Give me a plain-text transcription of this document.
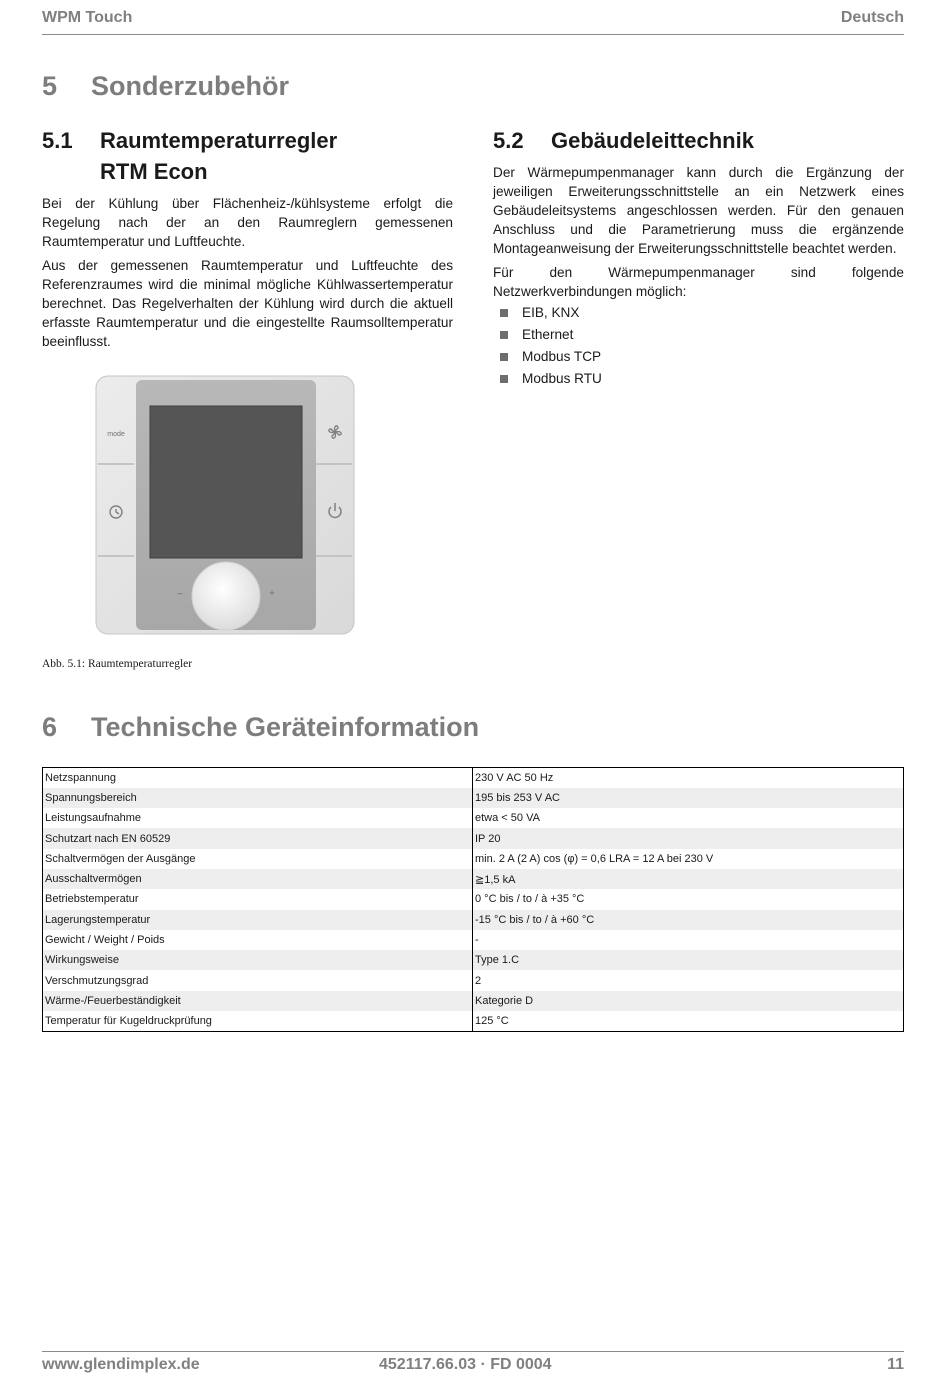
WPM Touch	Deutsch
5 Sonderzubehör
5.1 Raumtemperaturregler
RTM Econ
Bei der Kühlung über Flächenheiz-/kühlsysteme erfolgt die Regelung nach der an den Raumreglern gemessenen Raumtemperatur und Luftfeuchte.
Aus der gemessenen Raumtemperatur und Luftfeuchte des Referenzraumes wird die minimal mögliche Kühlwassertemperatur berechnet. Das Regelverhalten der Kühlung wird durch die aktuell erfasste Raumtemperatur und die eingestellte Raumsolltemperatur beeinflusst.
mode
–	+
Abb. 5.1: Raumtemperaturregler
5.2 Gebäudeleittechnik
Der Wärmepumpenmanager kann durch die Ergänzung der jeweiligen Erweiterungsschnittstelle an ein Netzwerk eines Gebäudeleitsystems angeschlossen werden. Für den genauen Anschluss und die Parametrierung muss die ergänzende Montageanweisung der Erweiterungsschnittstelle beachtet werden.
Für den Wärmepumpenmanager sind folgende Netzwerkverbindungen möglich:
EIB, KNX
Ethernet
Modbus TCP
Modbus RTU
6 Technische Geräteinformation
Netzspannung	230 V AC 50 Hz
Spannungsbereich	195 bis 253 V AC
Leistungsaufnahme	etwa < 50 VA
Schutzart nach EN 60529	IP 20
Schaltvermögen der Ausgänge	min. 2 A (2 A) cos (φ) = 0,6 LRA = 12 A bei 230 V
Ausschaltvermögen	≧1,5 kA
Betriebstemperatur	0 °C bis / to / à +35 °C
Lagerungstemperatur	-15 °C bis / to / à +60 °C
Gewicht / Weight / Poids	-
Wirkungsweise	Type 1.C
Verschmutzungsgrad	2
Wärme-/Feuerbeständigkeit	Kategorie D
Temperatur für Kugeldruckprüfung	125 °C
www.glendimplex.de	452117.66.03 · FD 0004	11
